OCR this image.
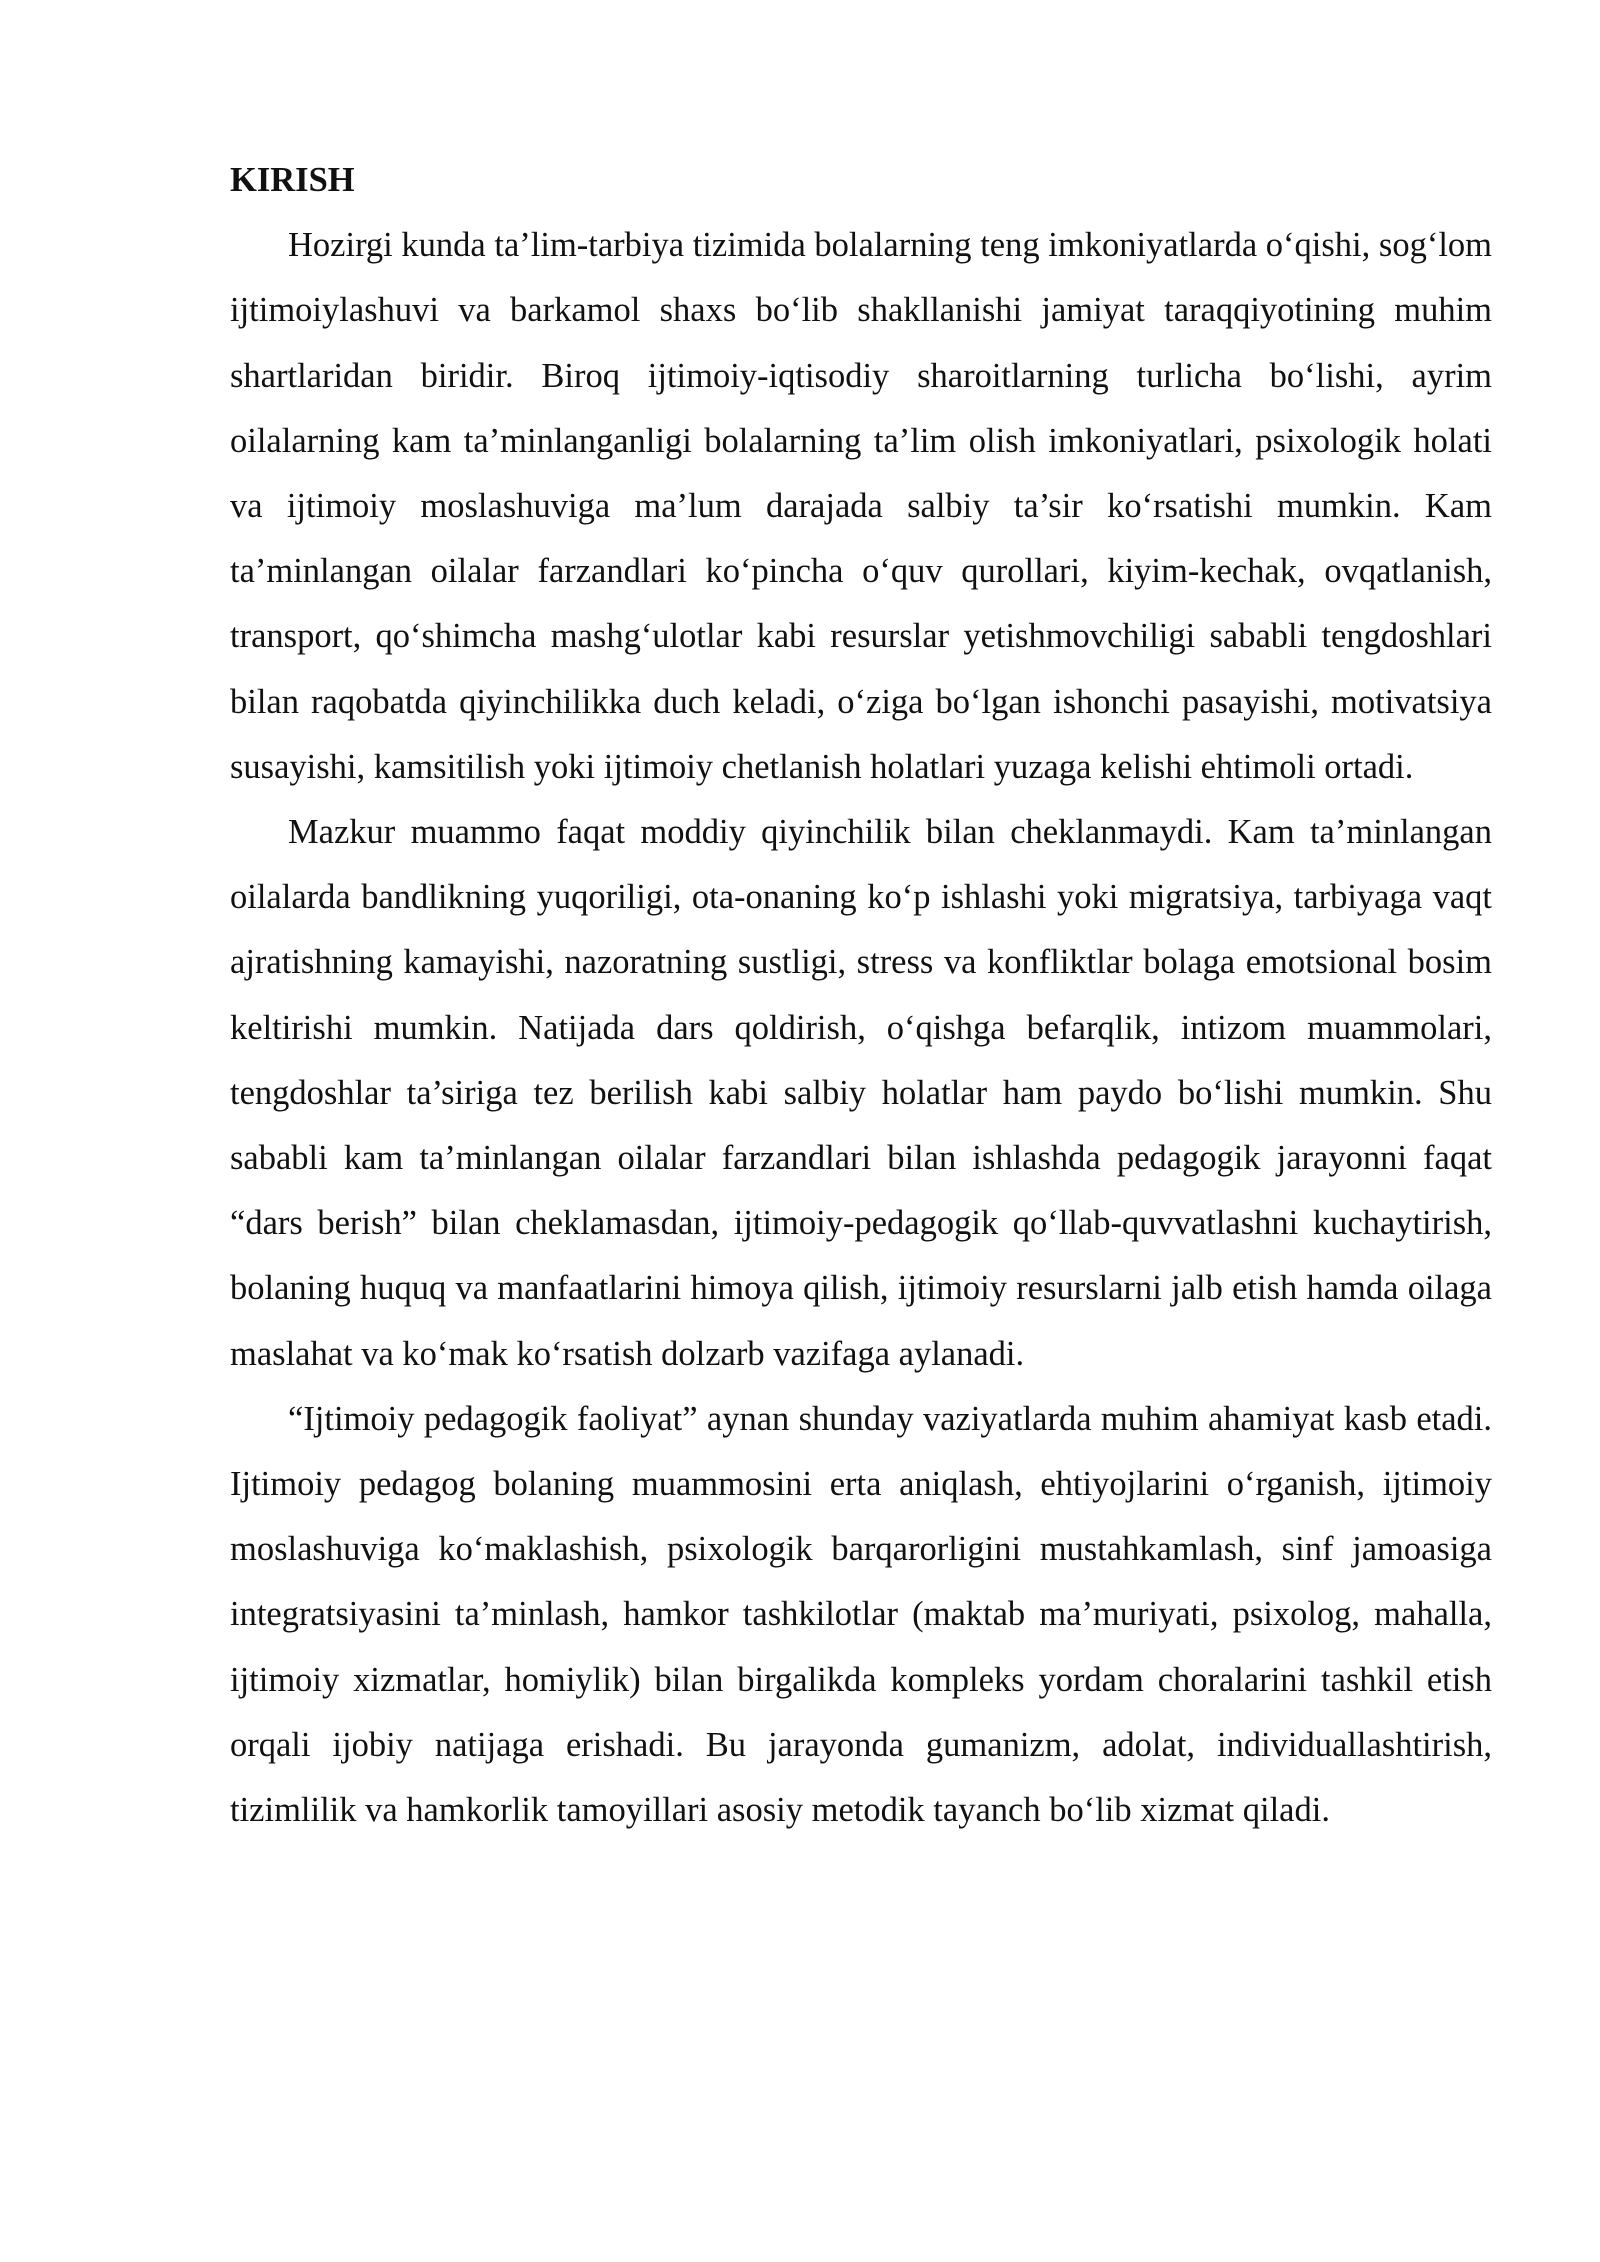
KIRISH

Hozirgi kunda ta’lim-tarbiya tizimida bolalarning teng imkoniyatlarda o‘qishi, sog‘lom ijtimoiylashuvi va barkamol shaxs bo‘lib shakllanishi jamiyat taraqqiyotining muhim shartlaridan biridir. Biroq ijtimoiy-iqtisodiy sharoitlarning turlicha bo‘lishi, ayrim oilalarning kam ta’minlanganligi bolalarning ta’lim olish imkoniyatlari, psixologik holati va ijtimoiy moslashuviga ma’lum darajada salbiy ta’sir ko‘rsatishi mumkin. Kam ta’minlangan oilalar farzandlari ko‘pincha o‘quv qurollari, kiyim-kechak, ovqatlanish, transport, qo‘shimcha mashg‘ulotlar kabi resurslar yetishmovchiligi sababli tengdoshlari bilan raqobatda qiyinchilikka duch keladi, o‘ziga bo‘lgan ishonchi pasayishi, motivatsiya susayishi, kamsitilish yoki ijtimoiy chetlanish holatlari yuzaga kelishi ehtimoli ortadi.

Mazkur muammo faqat moddiy qiyinchilik bilan cheklanmaydi. Kam ta’minlangan oilalarda bandlikning yuqoriligi, ota-onaning ko‘p ishlashi yoki migratsiya, tarbiyaga vaqt ajratishning kamayishi, nazoratning sustligi, stress va konfliktlar bolaga emotsional bosim keltirishi mumkin. Natijada dars qoldirish, o‘qishga befarqlik, intizom muammolari, tengdoshlar ta’siriga tez berilish kabi salbiy holatlar ham paydo bo‘lishi mumkin. Shu sababli kam ta’minlangan oilalar farzandlari bilan ishlashda pedagogik jarayonni faqat “dars berish” bilan cheklamasdan, ijtimoiy-pedagogik qo‘llab-quvvatlashni kuchaytirish, bolaning huquq va manfaatlarini himoya qilish, ijtimoiy resurslarni jalb etish hamda oilaga maslahat va ko‘mak ko‘rsatish dolzarb vazifaga aylanadi.

“Ijtimoiy pedagogik faoliyat” aynan shunday vaziyatlarda muhim ahamiyat kasb etadi. Ijtimoiy pedagog bolaning muammosini erta aniqlash, ehtiyojlarini o‘rganish, ijtimoiy moslashuviga ko‘maklashish, psixologik barqarorligini mustahkamlash, sinf jamoasiga integratsiyasini ta’minlash, hamkor tashkilotlar (maktab ma’muriyati, psixolog, mahalla, ijtimoiy xizmatlar, homiylik) bilan birgalikda kompleks yordam choralarini tashkil etish orqali ijobiy natijaga erishadi. Bu jarayonda gumanizm, adolat, individuallashtirish, tizimlilik va hamkorlik tamoyillari asosiy metodik tayanch bo‘lib xizmat qiladi.
